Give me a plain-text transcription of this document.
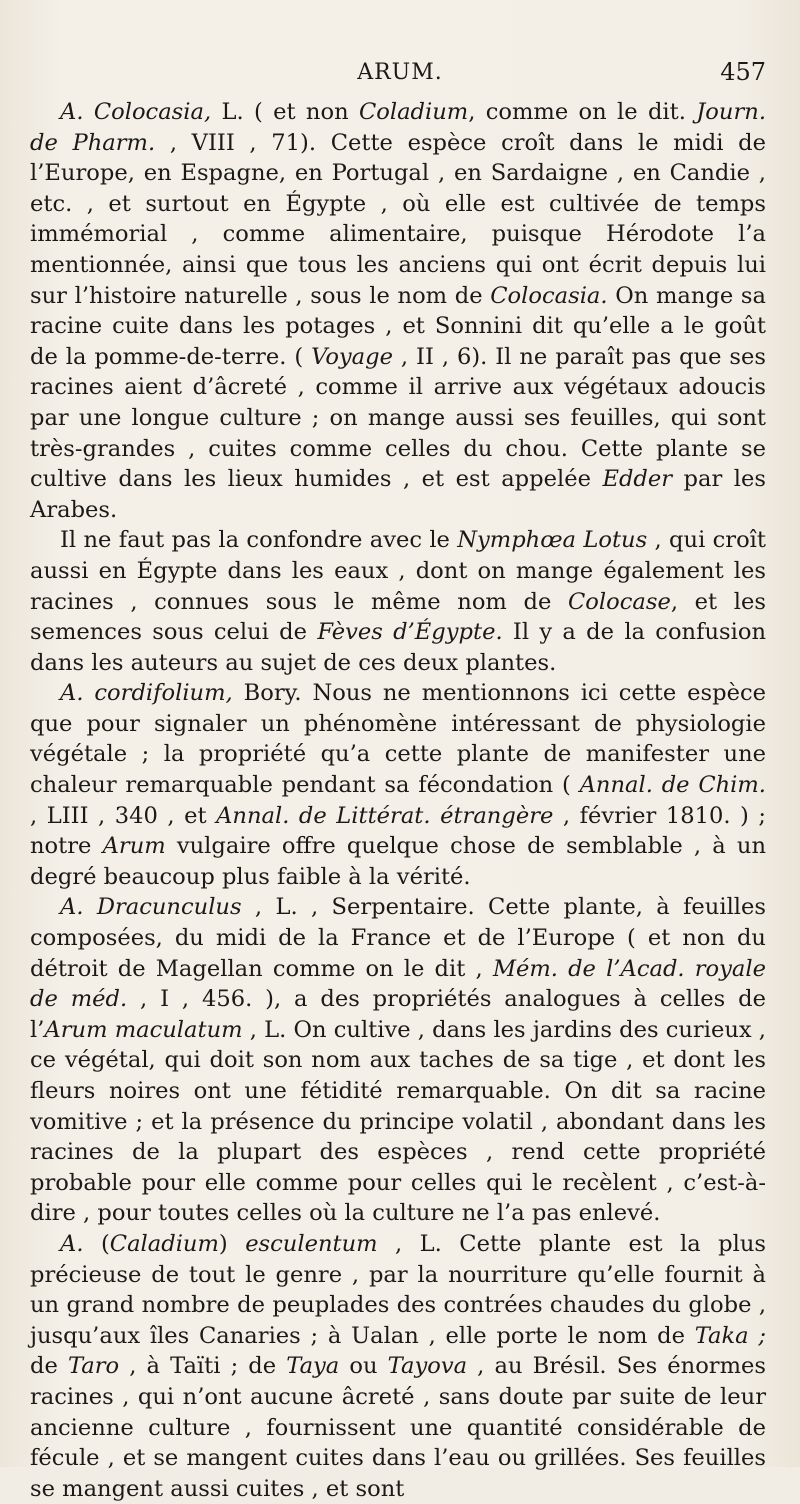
ARUM.	457

A. Colocasia, L. ( et non Coladium, comme on le dit. Journ. de Pharm. , VIII , 71). Cette espèce croît dans le midi de l’Europe, en Espagne, en Portugal , en Sardaigne , en Candie , etc. , et surtout en Égypte , où elle est cultivée de temps immémorial , comme alimentaire, puisque Hérodote l’a mentionnée, ainsi que tous les anciens qui ont écrit depuis lui sur l’histoire naturelle , sous le nom de Colocasia. On mange sa racine cuite dans les potages , et Sonnini dit qu’elle a le goût de la pomme-de-terre. ( Voyage , II , 6). Il ne paraît pas que ses racines aient d’âcreté , comme il arrive aux végétaux adoucis par une longue culture ; on mange aussi ses feuilles, qui sont très-grandes , cuites comme celles du chou. Cette plante se cultive dans les lieux humides , et est appelée Edder par les Arabes.

Il ne faut pas la confondre avec le Nymphœa Lotus , qui croît aussi en Égypte dans les eaux , dont on mange également les racines , connues sous le même nom de Colocase, et les semences sous celui de Fèves d’Égypte. Il y a de la confusion dans les auteurs au sujet de ces deux plantes.

A. cordifolium, Bory. Nous ne mentionnons ici cette espèce que pour signaler un phénomène intéressant de physiologie végétale ; la propriété qu’a cette plante de manifester une chaleur remarquable pendant sa fécondation ( Annal. de Chim. , LIII , 340 , et Annal. de Littérat. étrangère , février 1810. ) ; notre Arum vulgaire offre quelque chose de semblable , à un degré beaucoup plus faible à la vérité.

A. Dracunculus , L. , Serpentaire. Cette plante, à feuilles composées, du midi de la France et de l’Europe ( et non du détroit de Magellan comme on le dit , Mém. de l’Acad. royale de méd. , I , 456. ), a des propriétés analogues à celles de l’Arum maculatum , L. On cultive , dans les jardins des curieux , ce végétal, qui doit son nom aux taches de sa tige , et dont les fleurs noires ont une fétidité remarquable. On dit sa racine vomitive ; et la présence du principe volatil , abondant dans les racines de la plupart des espèces , rend cette propriété probable pour elle comme pour celles qui le recèlent , c’est-à-dire , pour toutes celles où la culture ne l’a pas enlevé.

A. (Caladium) esculentum , L. Cette plante est la plus précieuse de tout le genre , par la nourriture qu’elle fournit à un grand nombre de peuplades des contrées chaudes du globe , jusqu’aux îles Canaries ; à Ualan , elle porte le nom de Taka ; de Taro , à Taïti ; de Taya ou Tayova , au Brésil. Ses énormes racines , qui n’ont aucune âcreté , sans doute par suite de leur ancienne culture , fournissent une quantité considérable de fécule , et se mangent cuites dans l’eau ou grillées. Ses feuilles se mangent aussi cuites , et sont
